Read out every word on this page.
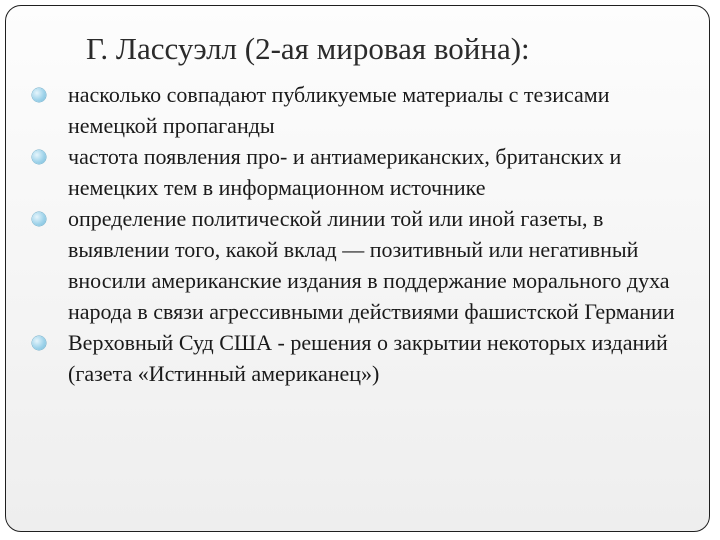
Г. Лассуэлл (2-ая мировая война):
насколько совпадают публикуемые материалы с тезисами немецкой пропаганды
частота появления про- и антиамериканских, британских и немецких тем в информационном источнике
определение политической линии той или иной газеты, в выявлении того, какой вклад — позитивный или негативный вносили американские издания в поддержание морального духа народа в связи агрессивными действиями фашистской Германии
Верховный Суд США - решения о закрытии некоторых изданий (газета «Истинный американец»)
